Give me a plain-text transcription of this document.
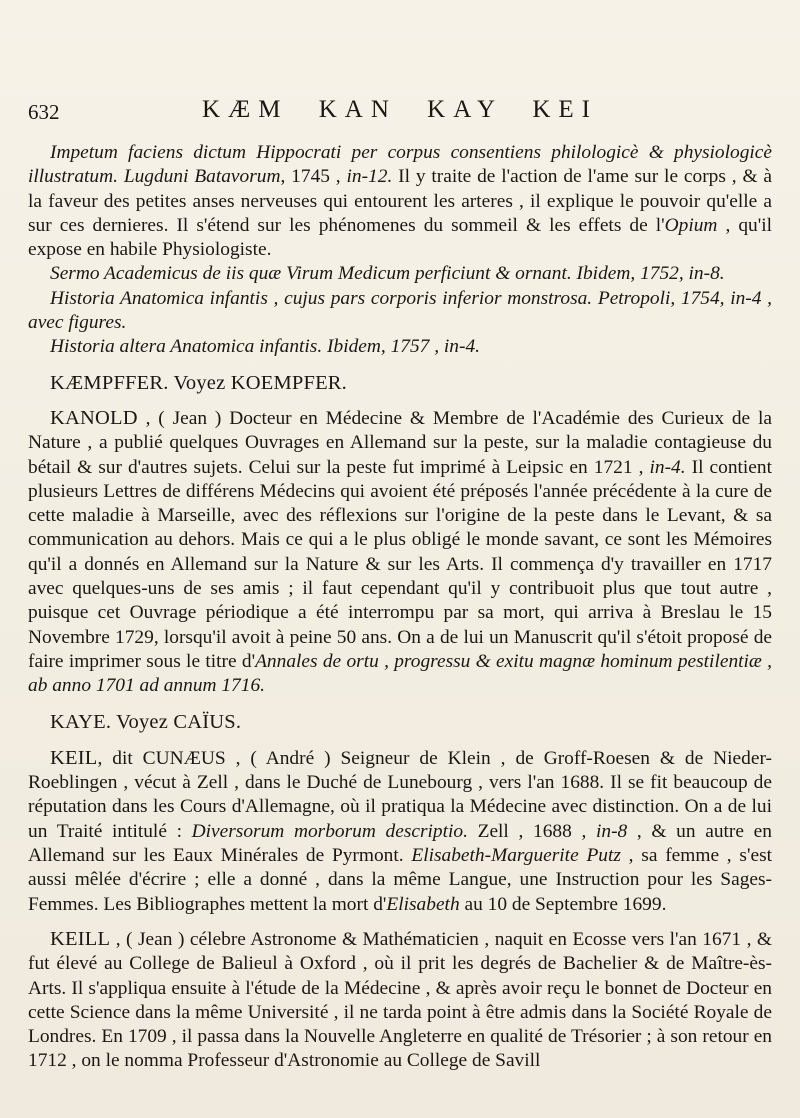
632	KÆM KAN KAY KEI

Impetum faciens dictum Hippocrati per corpus consentiens philologicè & physiologicè illustratum. Lugduni Batavorum, 1745 , in-12. Il y traite de l'action de l'ame sur le corps , & à la faveur des petites anses nerveuses qui entourent les arteres , il explique le pouvoir qu'elle a sur ces dernieres. Il s'étend sur les phénomenes du sommeil & les effets de l'Opium , qu'il expose en habile Physiologiste.

Sermo Academicus de iis quæ Virum Medicum perficiunt & ornant. Ibidem, 1752, in-8.

Historia Anatomica infantis , cujus pars corporis inferior monstrosa. Petropoli, 1754, in-4 , avec figures.

Historia altera Anatomica infantis. Ibidem, 1757 , in-4.

KÆMPFFER. Voyez KOEMPFER.

KANOLD , ( Jean ) Docteur en Médecine & Membre de l'Académie des Curieux de la Nature , a publié quelques Ouvrages en Allemand sur la peste, sur la maladie contagieuse du bétail & sur d'autres sujets. Celui sur la peste fut imprimé à Leipsic en 1721 , in-4. Il contient plusieurs Lettres de différens Médecins qui avoient été préposés l'année précédente à la cure de cette maladie à Marseille, avec des réflexions sur l'origine de la peste dans le Levant, & sa communication au dehors. Mais ce qui a le plus obligé le monde savant, ce sont les Mémoires qu'il a donnés en Allemand sur la Nature & sur les Arts. Il commença d'y travailler en 1717 avec quelques-uns de ses amis ; il faut cependant qu'il y contribuoit plus que tout autre , puisque cet Ouvrage périodique a été interrompu par sa mort, qui arriva à Breslau le 15 Novembre 1729, lorsqu'il avoit à peine 50 ans. On a de lui un Manuscrit qu'il s'étoit proposé de faire imprimer sous le titre d'Annales de ortu , progressu & exitu magnæ hominum pestilentiæ , ab anno 1701 ad annum 1716.

KAYE. Voyez CAÏUS.

KEIL, dit CUNÆUS , ( André ) Seigneur de Klein , de Groff-Roesen & de Nieder-Roeblingen , vécut à Zell , dans le Duché de Lunebourg , vers l'an 1688. Il se fit beaucoup de réputation dans les Cours d'Allemagne, où il pratiqua la Médecine avec distinction. On a de lui un Traité intitulé : Diversorum morborum descriptio. Zell , 1688 , in-8 , & un autre en Allemand sur les Eaux Minérales de Pyrmont. Elisabeth-Marguerite Putz , sa femme , s'est aussi mêlée d'écrire ; elle a donné , dans la même Langue, une Instruction pour les Sages-Femmes. Les Bibliographes mettent la mort d'Elisabeth au 10 de Septembre 1699.

KEILL , ( Jean ) célebre Astronome & Mathématicien , naquit en Ecosse vers l'an 1671 , & fut élevé au College de Balieul à Oxford , où il prit les degrés de Bachelier & de Maître-ès-Arts. Il s'appliqua ensuite à l'étude de la Médecine , & après avoir reçu le bonnet de Docteur en cette Science dans la même Université , il ne tarda point à être admis dans la Société Royale de Londres. En 1709 , il passa dans la Nouvelle Angleterre en qualité de Trésorier ; à son retour en 1712 , on le nomma Professeur d'Astronomie au College de Savill
